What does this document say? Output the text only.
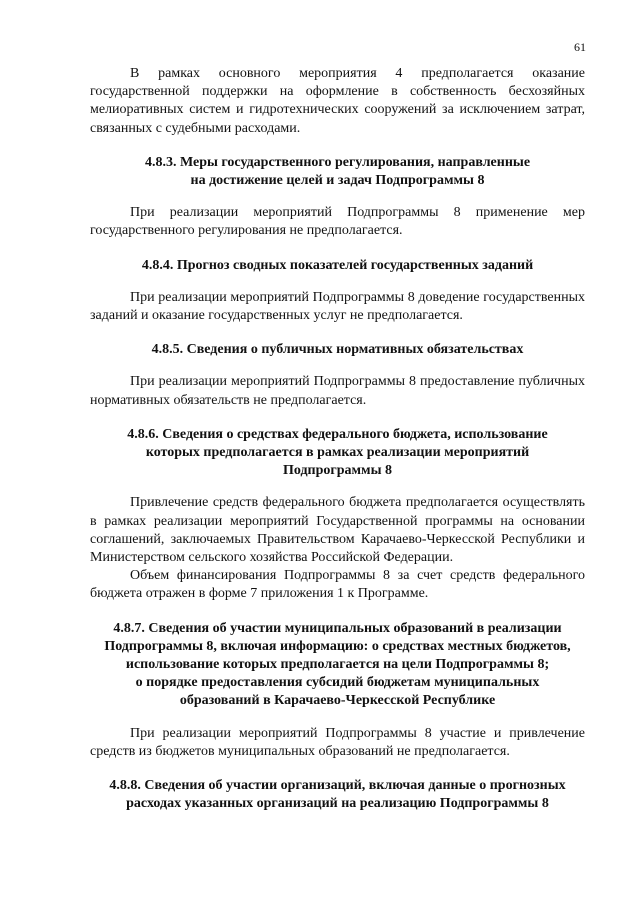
61

В рамках основного мероприятия 4 предполагается оказание государственной поддержки на оформление в собственность бесхозяйных мелиоративных систем и гидротехнических сооружений за исключением затрат, связанных с судебными расходами.

4.8.3. Меры государственного регулирования, направленные
на достижение целей и задач Подпрограммы 8

При реализации мероприятий Подпрограммы 8 применение мер государственного регулирования не предполагается.

4.8.4. Прогноз сводных показателей государственных заданий

При реализации мероприятий Подпрограммы 8 доведение государственных заданий и оказание государственных услуг не предполагается.

4.8.5. Сведения о публичных нормативных обязательствах

При реализации мероприятий Подпрограммы 8 предоставление публичных нормативных обязательств не предполагается.

4.8.6. Сведения о средствах федерального бюджета, использование
которых предполагается в рамках реализации мероприятий
Подпрограммы 8

Привлечение средств федерального бюджета предполагается осуществлять в рамках реализации мероприятий Государственной программы на основании соглашений, заключаемых Правительством Карачаево-Черкесской Республики и Министерством сельского хозяйства Российской Федерации.

Объем финансирования Подпрограммы 8 за счет средств федерального бюджета отражен в форме 7 приложения 1 к Программе.

4.8.7. Сведения об участии муниципальных образований в реализации
Подпрограммы 8, включая информацию: о средствах местных бюджетов, использование которых предполагается на цели Подпрограммы 8;
о порядке предоставления субсидий бюджетам муниципальных
образований в Карачаево-Черкесской Республике

При реализации мероприятий Подпрограммы 8 участие и привлечение средств из бюджетов муниципальных образований не предполагается.

4.8.8. Сведения об участии организаций, включая данные о прогнозных
расходах указанных организаций на реализацию Подпрограммы 8
